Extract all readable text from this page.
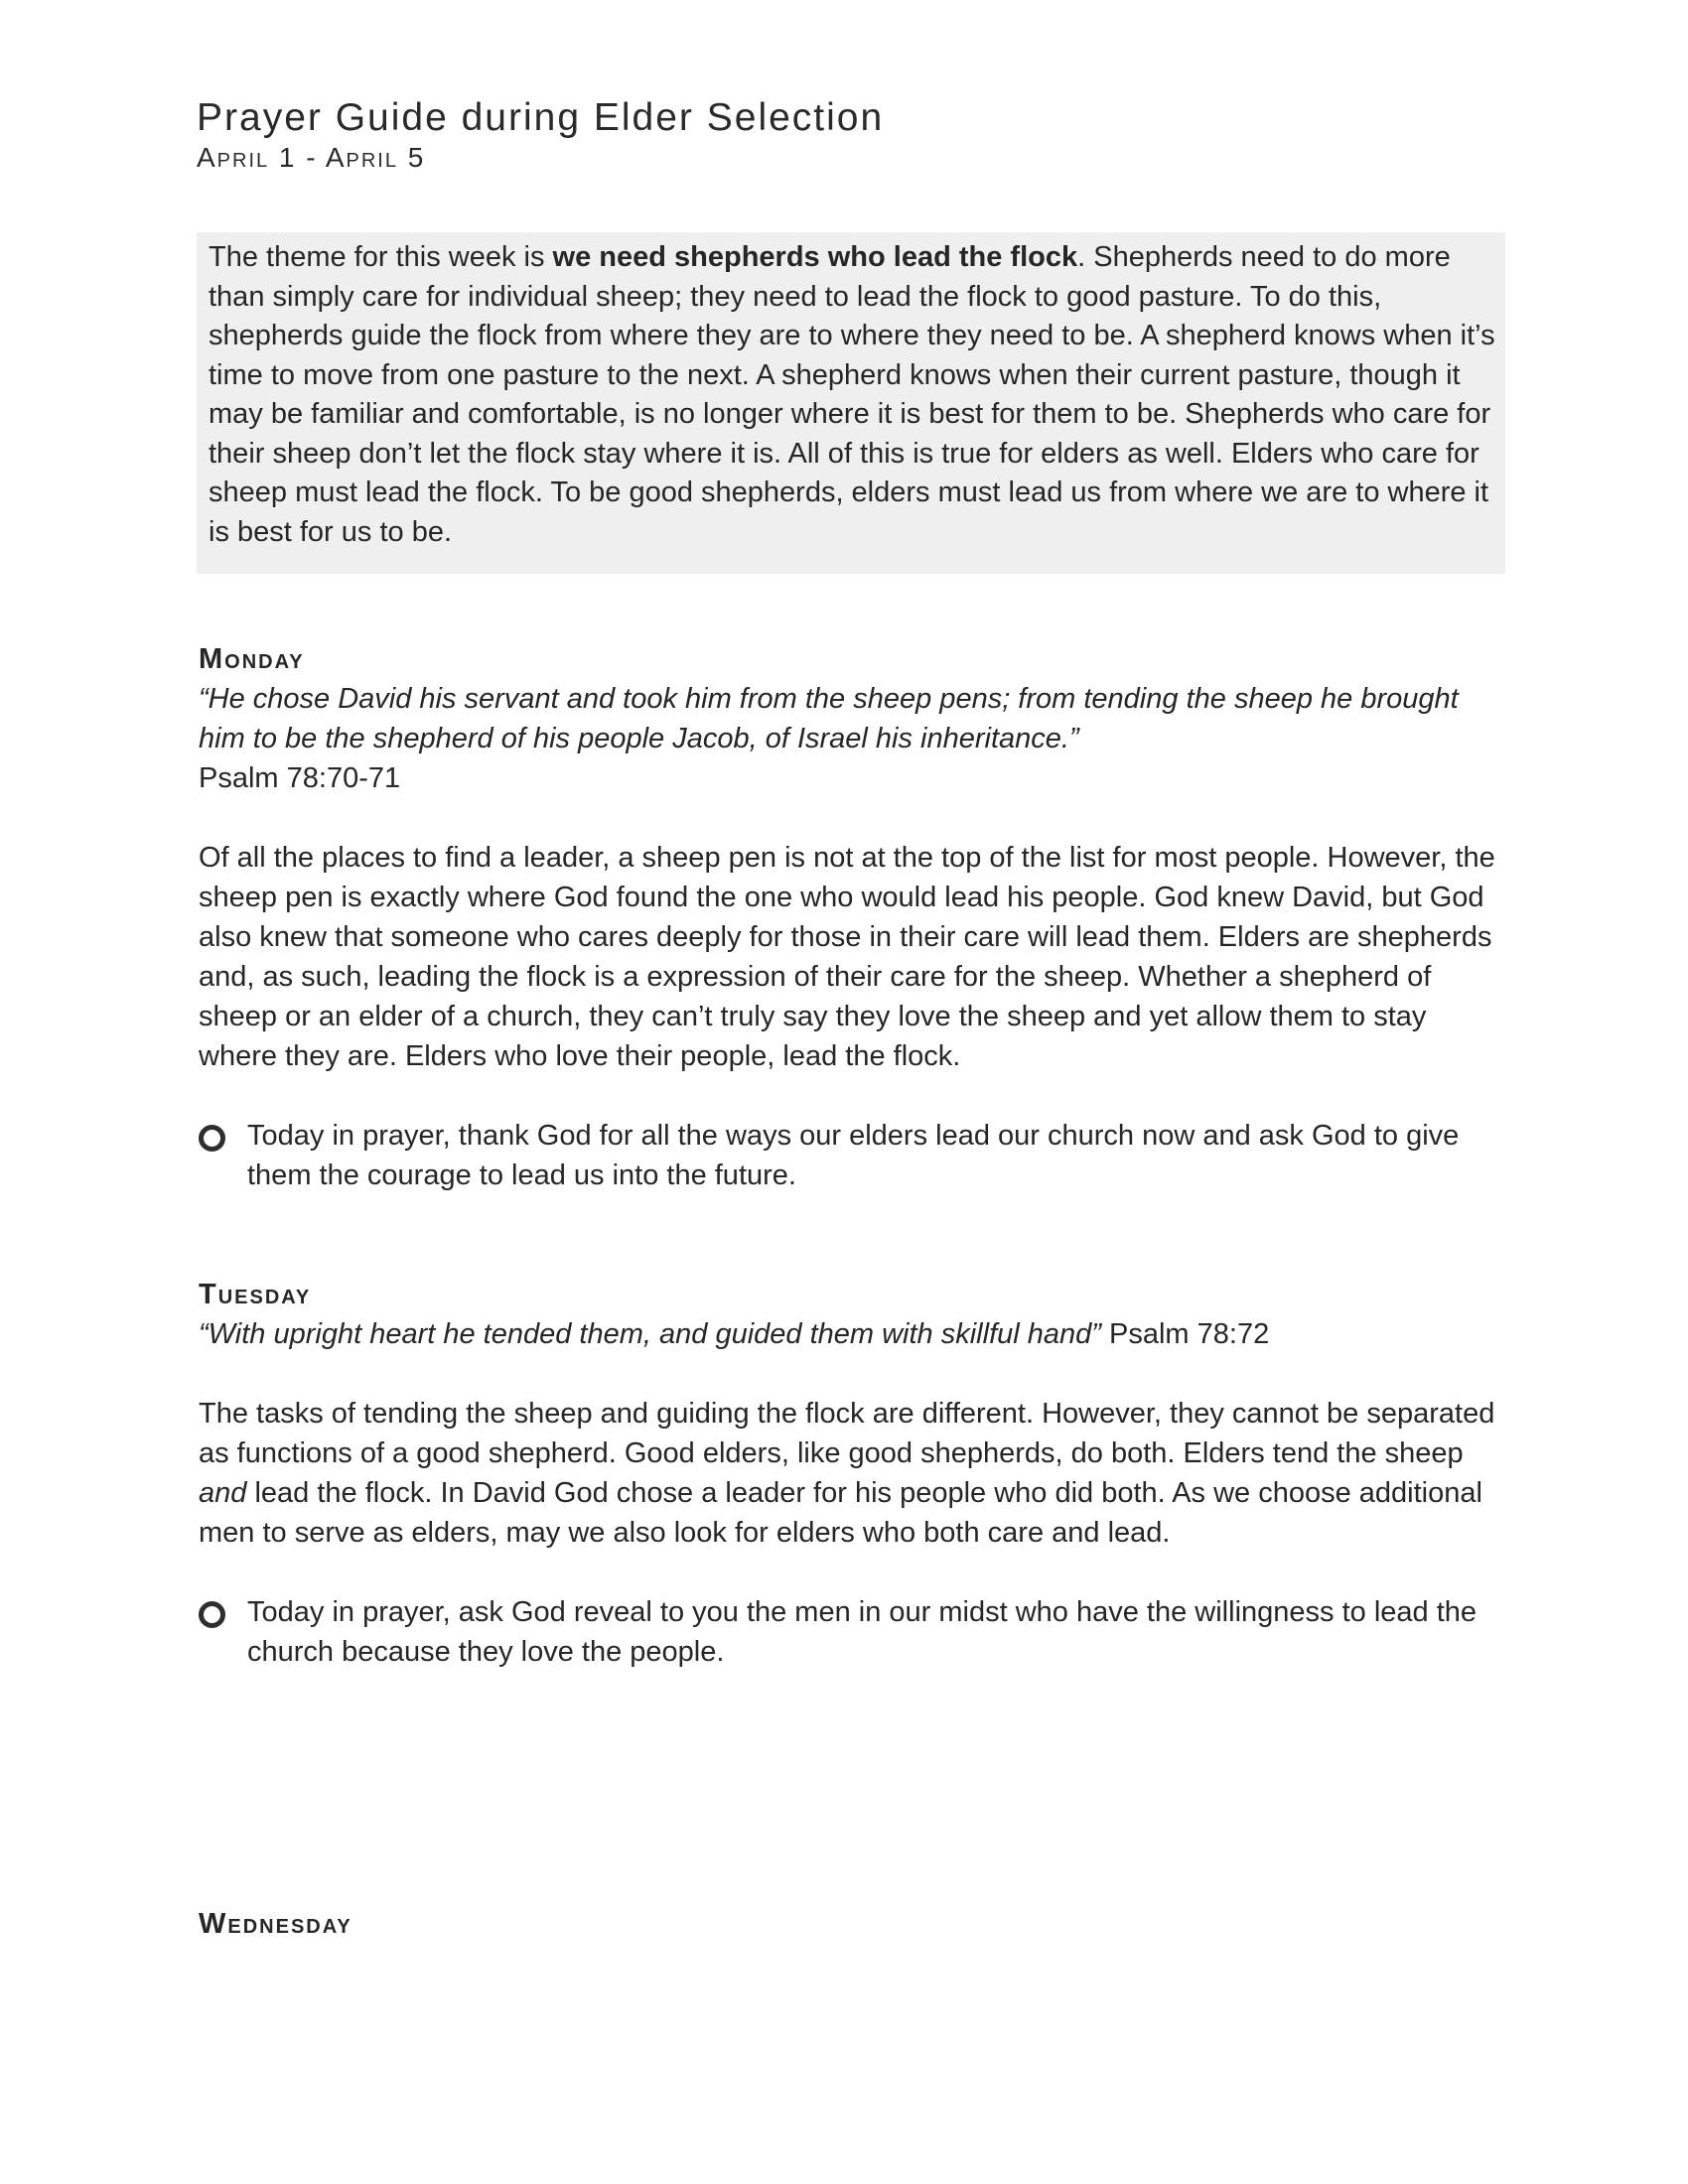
Prayer Guide during Elder Selection

April 1 - April 5

The theme for this week is we need shepherds who lead the flock. Shepherds need to do more than simply care for individual sheep; they need to lead the flock to good pasture. To do this, shepherds guide the flock from where they are to where they need to be. A shepherd knows when it’s time to move from one pasture to the next. A shepherd knows when their current pasture, though it may be familiar and comfortable, is no longer where it is best for them to be. Shepherds who care for their sheep don’t let the flock stay where it is. All of this is true for elders as well. Elders who care for sheep must lead the flock. To be good shepherds, elders must lead us from where we are to where it is best for us to be.

Monday

“He chose David his servant and took him from the sheep pens; from tending the sheep he brought him to be the shepherd of his people Jacob, of Israel his inheritance.”

Psalm 78:70-71

Of all the places to find a leader, a sheep pen is not at the top of the list for most people. However, the sheep pen is exactly where God found the one who would lead his people. God knew David, but God also knew that someone who cares deeply for those in their care will lead them. Elders are shepherds and, as such, leading the flock is a expression of their care for the sheep. Whether a shepherd of sheep or an elder of a church, they can’t truly say they love the sheep and yet allow them to stay where they are. Elders who love their people, lead the flock.

Today in prayer, thank God for all the ways our elders lead our church now and ask God to give them the courage to lead us into the future.
Tuesday

“With upright heart he tended them, and guided them with skillful hand” Psalm 78:72

The tasks of tending the sheep and guiding the flock are different. However, they cannot be separated as functions of a good shepherd. Good elders, like good shepherds, do both. Elders tend the sheep and lead the flock. In David God chose a leader for his people who did both. As we choose additional men to serve as elders, may we also look for elders who both care and lead.

Today in prayer, ask God reveal to you the men in our midst who have the willingness to lead the church because they love the people.
Wednesday
